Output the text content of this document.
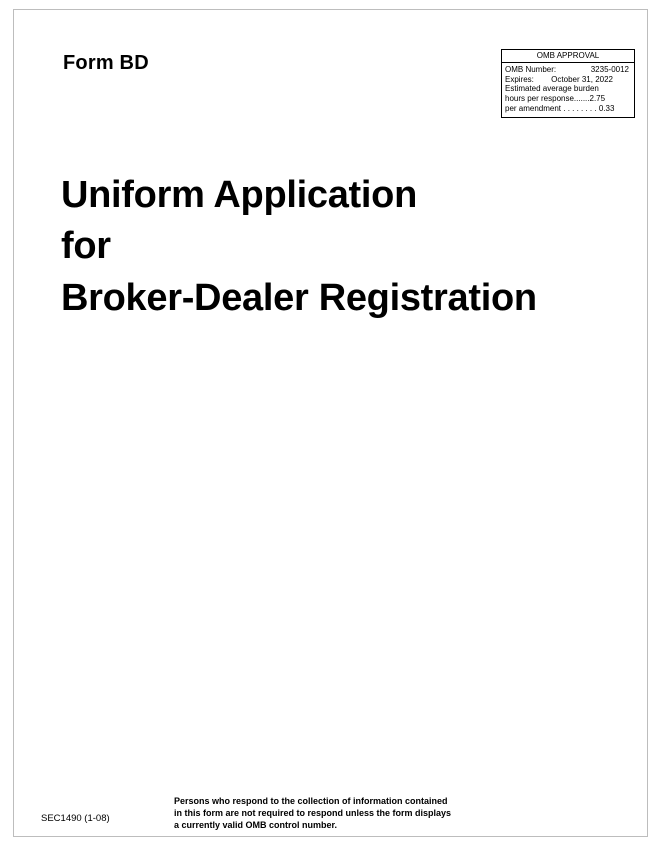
Form BD	OMB APPROVAL
OMB Number:	3235-0012
Expires: October 31, 2022
Estimated average burden
hours per response.......2.75
per amendment . . . . . . . . 0.33
Uniform Application
for
Broker-Dealer Registration
Persons who respond to the collection of information contained
in this form are not required to respond unless the form displays
a currently valid OMB control number.
SEC1490 (1-08)
